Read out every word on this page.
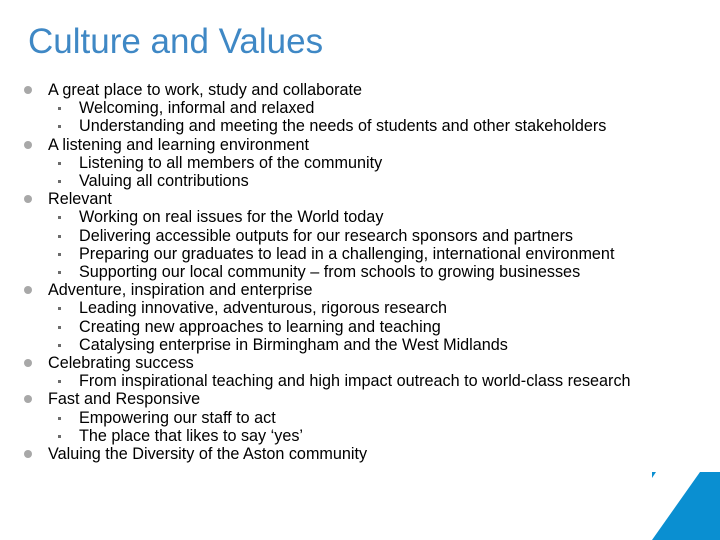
Culture and Values
A great place to work, study and collaborate
Welcoming, informal and relaxed
Understanding and meeting the needs of students and other stakeholders
A listening and learning environment
Listening to all members of the community
Valuing all contributions
Relevant
Working on real issues for the World today
Delivering accessible outputs for our research sponsors and partners
Preparing our graduates to lead in a challenging, international environment
Supporting our local community – from schools to growing businesses
Adventure, inspiration and enterprise
Leading innovative, adventurous, rigorous research
Creating new approaches to learning and teaching
Catalysing enterprise in Birmingham and the West Midlands
Celebrating success
From inspirational teaching and high impact outreach to world-class research
Fast and Responsive
Empowering our staff to act
The place that likes to say ‘yes’
Valuing the Diversity of the Aston community
